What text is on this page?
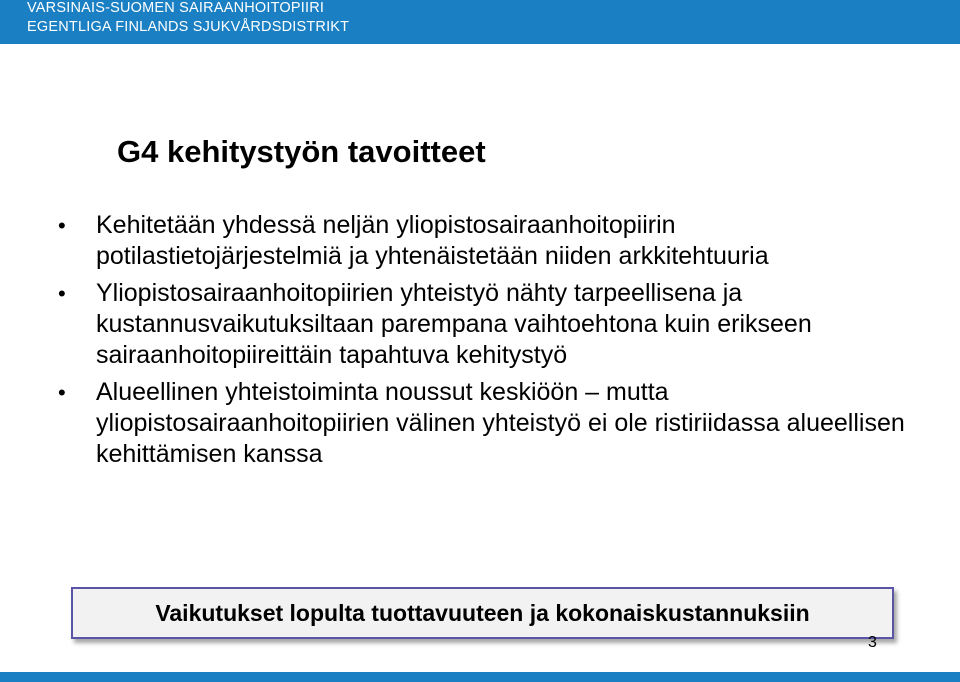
VARSINAIS-SUOMEN SAIRAANHOITOPIIRI
EGENTLIGA FINLANDS SJUKVÅRDSDISTRIKT
G4 kehitystyön tavoitteet
• Kehitetään yhdessä neljän yliopistosairaanhoitopiirin potilastietojärjestelmiä ja yhtenäistetään niiden arkkitehtuuria
• Yliopistosairaanhoitopiirien yhteistyö nähty tarpeellisena ja kustannusvaikutuksiltaan parempana vaihtoehtona kuin erikseen sairaanhoitopiireittäin tapahtuva kehitystyö
• Alueellinen yhteistoiminta noussut keskiöön – mutta yliopistosairaanhoitopiirien välinen yhteistyö ei ole ristiriidassa alueellisen kehittämisen kanssa
Vaikutukset lopulta tuottavuuteen ja kokonaiskustannuksiin
3
